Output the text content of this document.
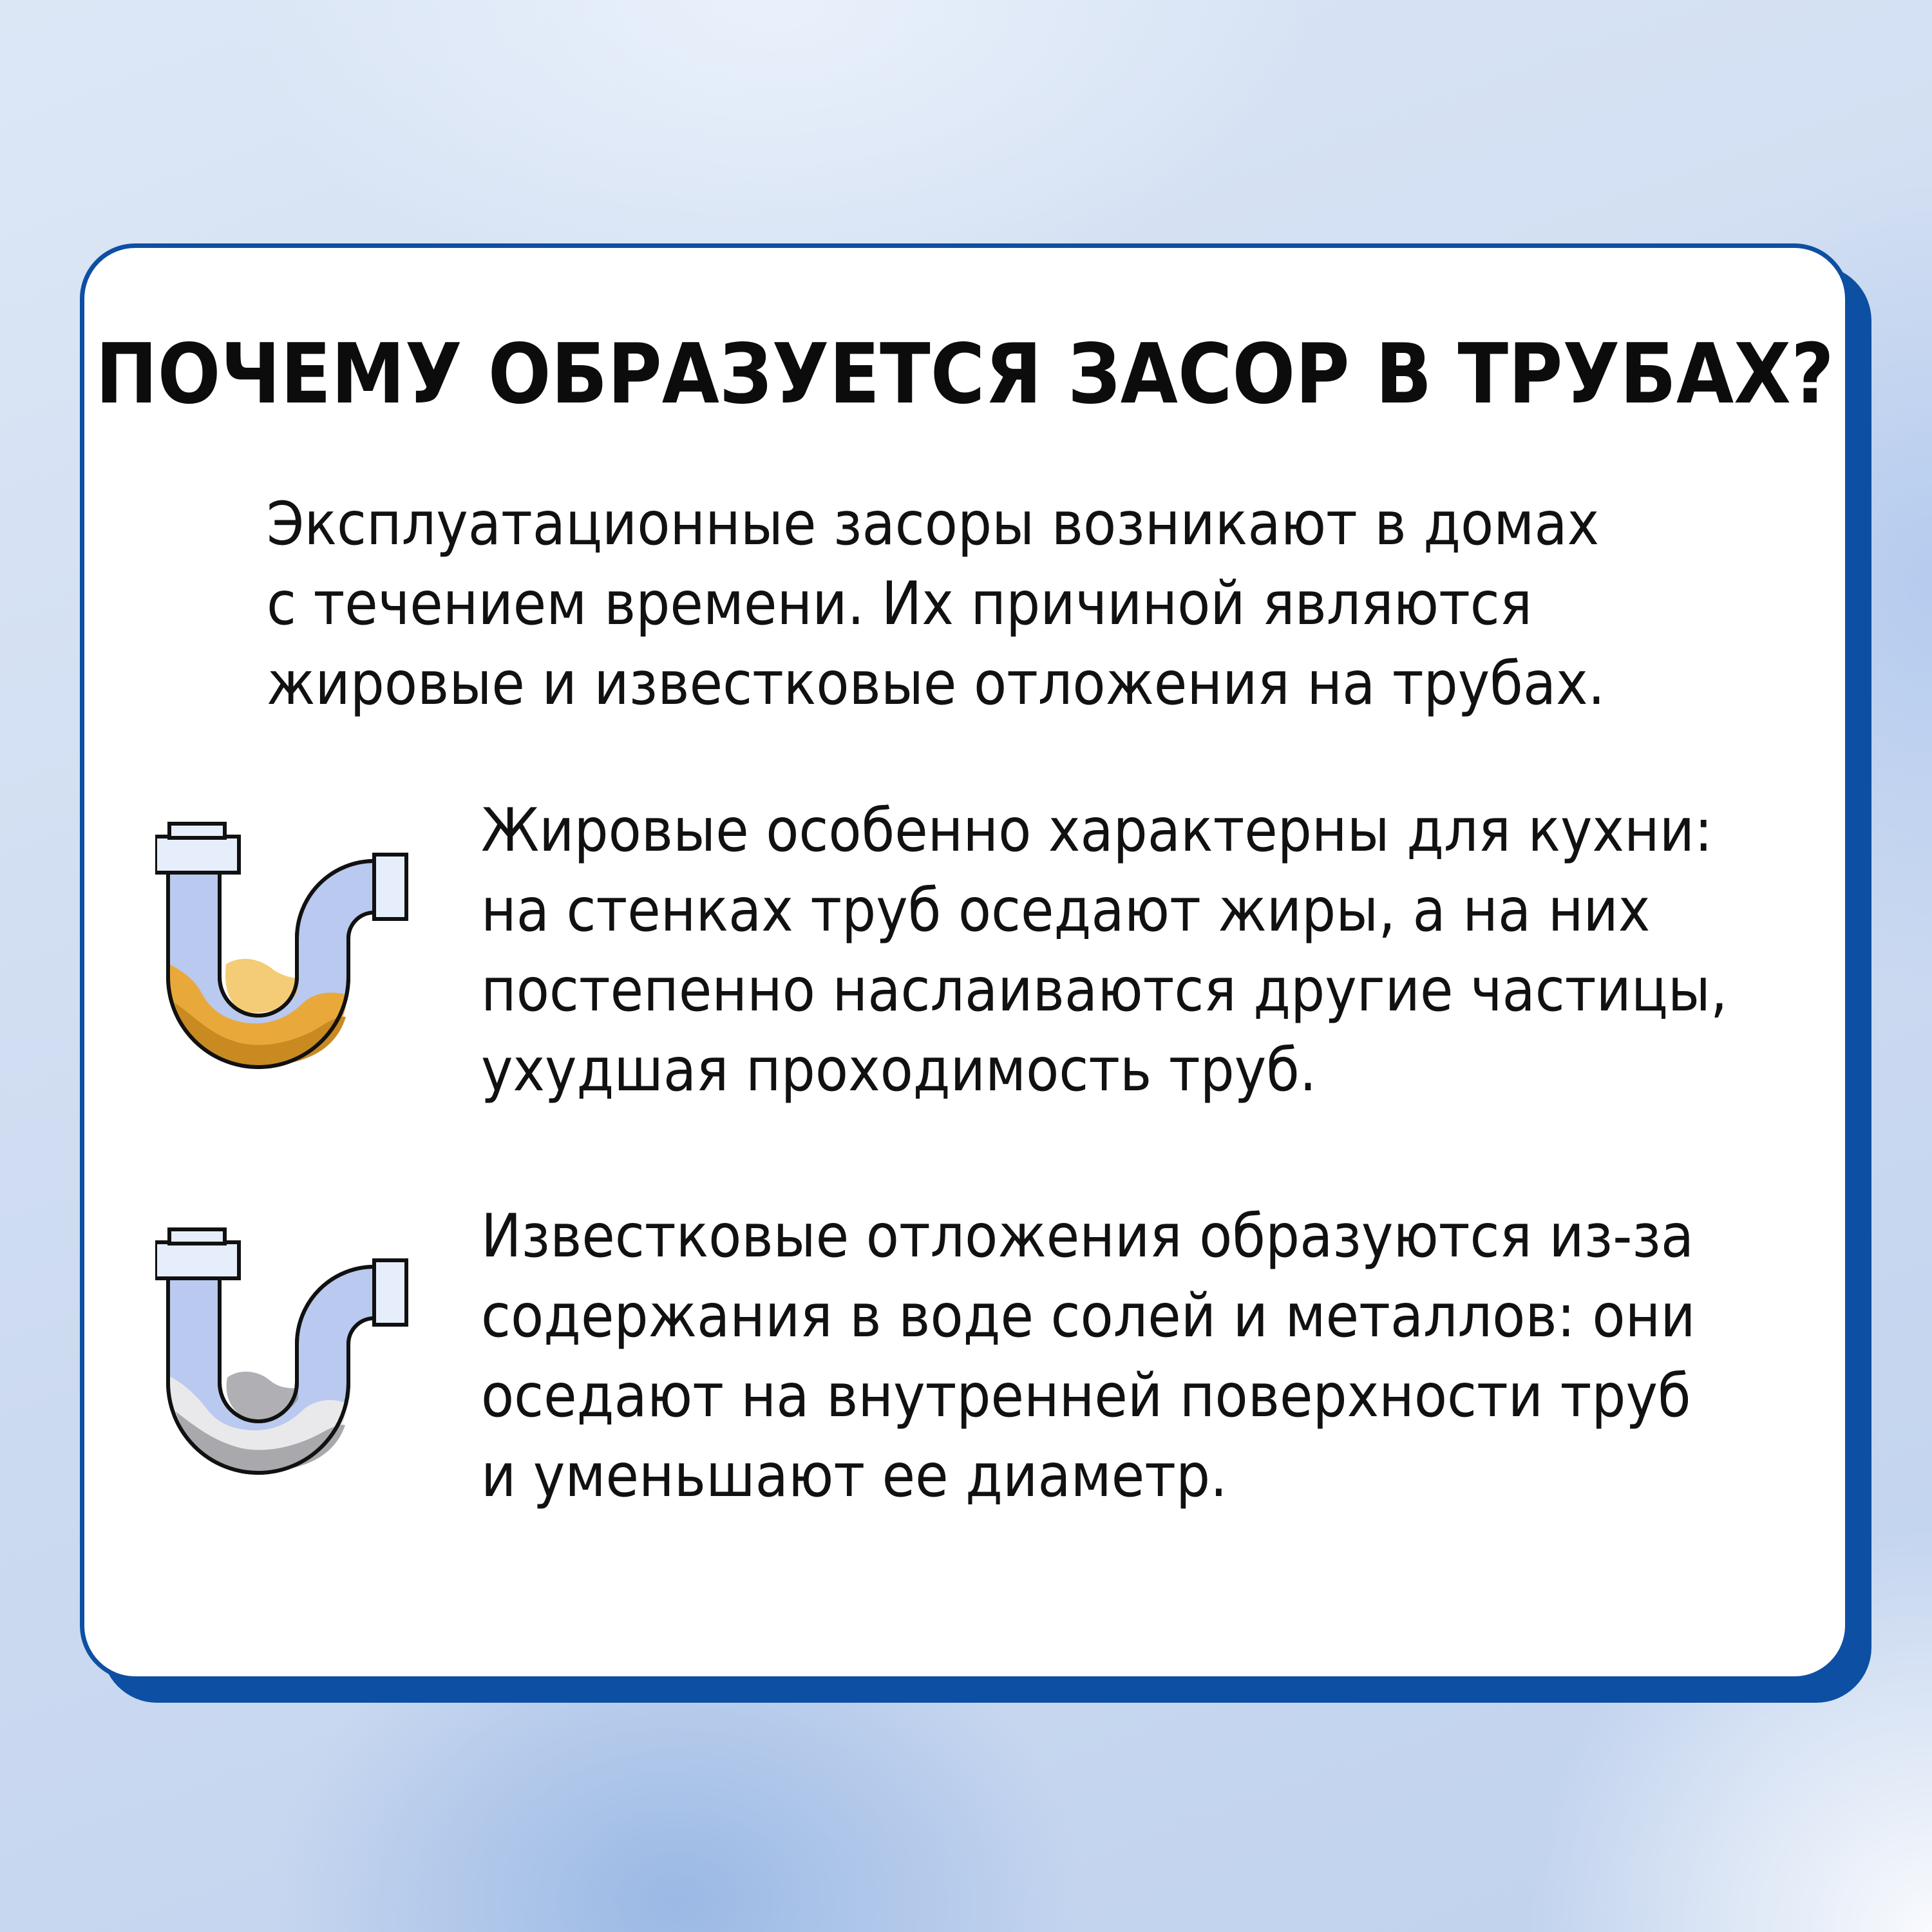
ПОЧЕМУ ОБРАЗУЕТСЯ ЗАСОР В ТРУБАХ?
Эксплуатационные засоры возникают в домах
с течением времени. Их причиной являются
жировые и известковые отложения на трубах.
Жировые особенно характерны для кухни:
на стенках труб оседают жиры, а на них
постепенно наслаиваются другие частицы,
ухудшая проходимость труб.
Известковые отложения образуются из-за
содержания в воде солей и металлов: они
оседают на внутренней поверхности труб
и уменьшают ее диаметр.
